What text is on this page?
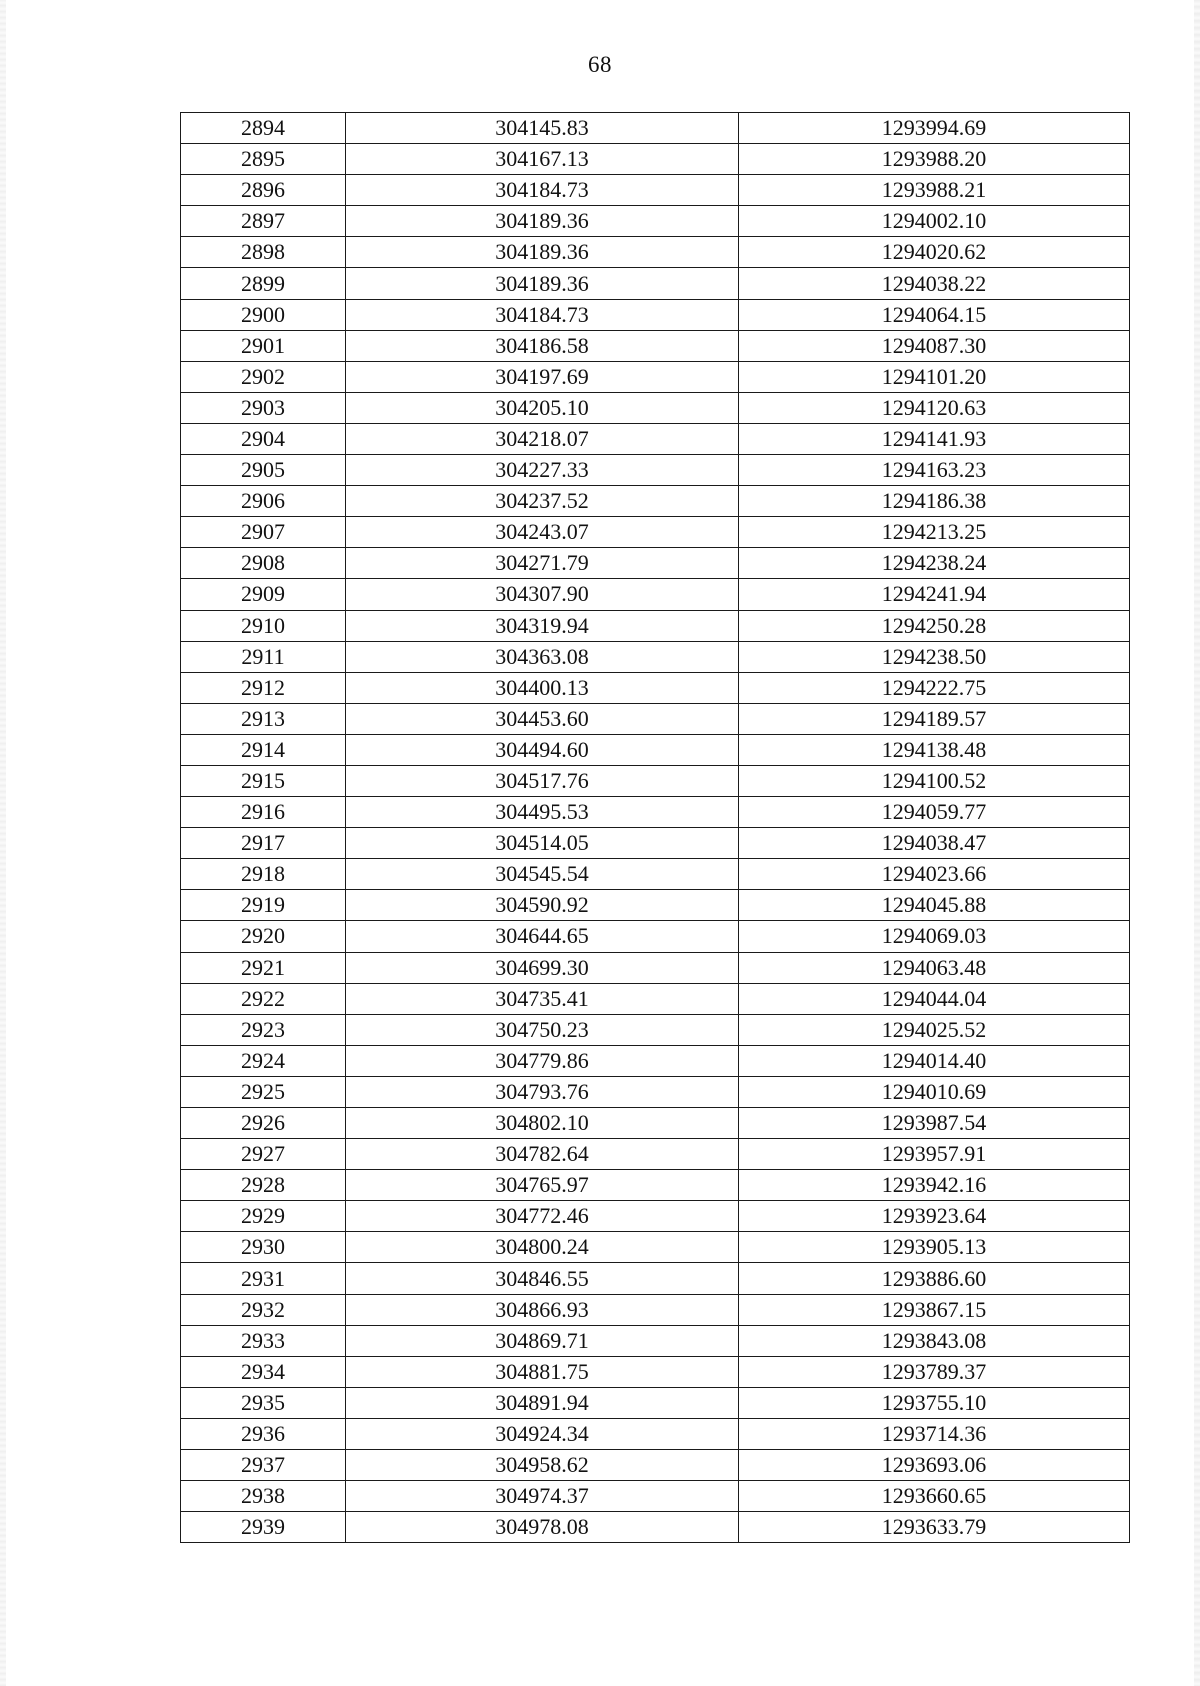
68
2894	304145.83	1293994.69
2895	304167.13	1293988.20
2896	304184.73	1293988.21
2897	304189.36	1294002.10
2898	304189.36	1294020.62
2899	304189.36	1294038.22
2900	304184.73	1294064.15
2901	304186.58	1294087.30
2902	304197.69	1294101.20
2903	304205.10	1294120.63
2904	304218.07	1294141.93
2905	304227.33	1294163.23
2906	304237.52	1294186.38
2907	304243.07	1294213.25
2908	304271.79	1294238.24
2909	304307.90	1294241.94
2910	304319.94	1294250.28
2911	304363.08	1294238.50
2912	304400.13	1294222.75
2913	304453.60	1294189.57
2914	304494.60	1294138.48
2915	304517.76	1294100.52
2916	304495.53	1294059.77
2917	304514.05	1294038.47
2918	304545.54	1294023.66
2919	304590.92	1294045.88
2920	304644.65	1294069.03
2921	304699.30	1294063.48
2922	304735.41	1294044.04
2923	304750.23	1294025.52
2924	304779.86	1294014.40
2925	304793.76	1294010.69
2926	304802.10	1293987.54
2927	304782.64	1293957.91
2928	304765.97	1293942.16
2929	304772.46	1293923.64
2930	304800.24	1293905.13
2931	304846.55	1293886.60
2932	304866.93	1293867.15
2933	304869.71	1293843.08
2934	304881.75	1293789.37
2935	304891.94	1293755.10
2936	304924.34	1293714.36
2937	304958.62	1293693.06
2938	304974.37	1293660.65
2939	304978.08	1293633.79
